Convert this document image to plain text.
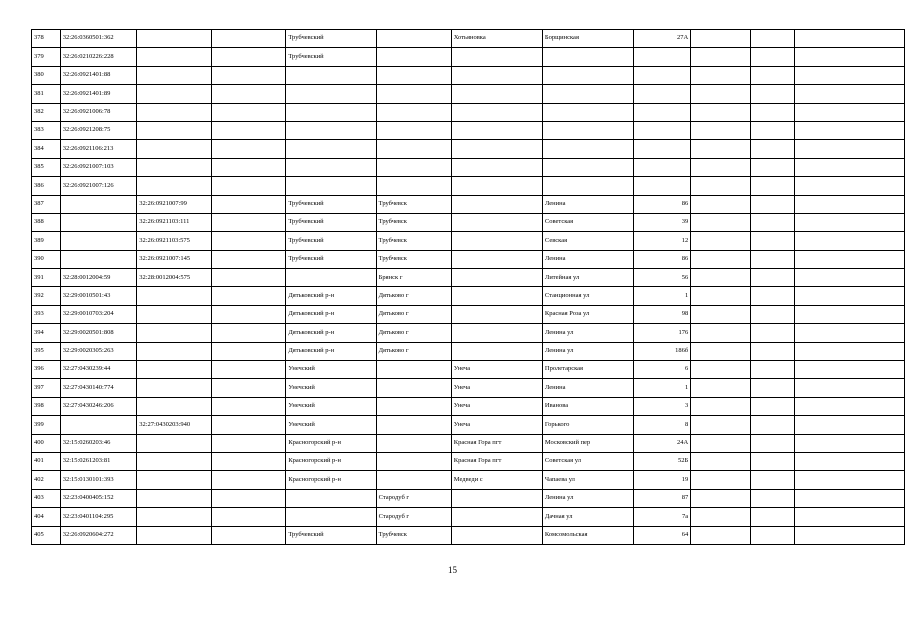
378	32:26:0360501:362			Трубчевский		Хотьяновка	Борщинская	27А			
379	32:26:0210226:228			Трубчевский							
380	32:26:0921401:88										
381	32:26:0921401:89										
382	32:26:0921006:78										
383	32:26:0921208:75										
384	32:26:0921106:213										
385	32:26:0921007:103										
386	32:26:0921007:126										
387		32:26:0921007:99		Трубчевский	Трубчевск		Ленина	86			
388		32:26:0921103:111		Трубчевский	Трубчевск		Советская	39			
389		32:26:0921103:575		Трубчевский	Трубчевск		Севская	12			
390		32:26:0921007:145		Трубчевский	Трубчевск		Ленина	86			
391	32:28:0012004:59	32:28:0012004:575			Брянск г		Литейная ул	56			
392	32:29:0010501:43			Дятьковский р-н	Дятьково г		Станционная ул	1			
393	32:29:0010703:204			Дятьковский р-н	Дятьково г		Красная Роза ул	98			
394	32:29:0020501:808			Дятьковский р-н	Дятьково г		Ленина ул	176			
395	32:29:0020305:263			Дятьковский р-н	Дятьково г		Ленина ул	186б			
396	32:27:0430239:44			Унечский		Унеча	Пролетарская	6			
397	32:27:0430140:774			Унечский		Унеча	Ленина	1			
398	32:27:0430246:206			Унечский		Унеча	Иванова	3			
399		32:27:0430203:940		Унечский		Унеча	Горького	8			
400	32:15:0260203:46			Красногорский р-н		Красная Гора пгт	Московский пер	24А			
401	32:15:0261203:81			Красногорский р-н		Красная Гора пгт	Советская ул	52Б			
402	32:15:0130101:393			Красногорский р-н		Медведи с	Чапаева ул	19			
403	32:23:0400405:152				Стародуб г		Ленина ул	87			
404	32:23:0401104:295				Стародуб г		Дачная ул	7а			
405	32:26:0920604:272			Трубчевский	Трубчевск		Комсомольская	64			
15
